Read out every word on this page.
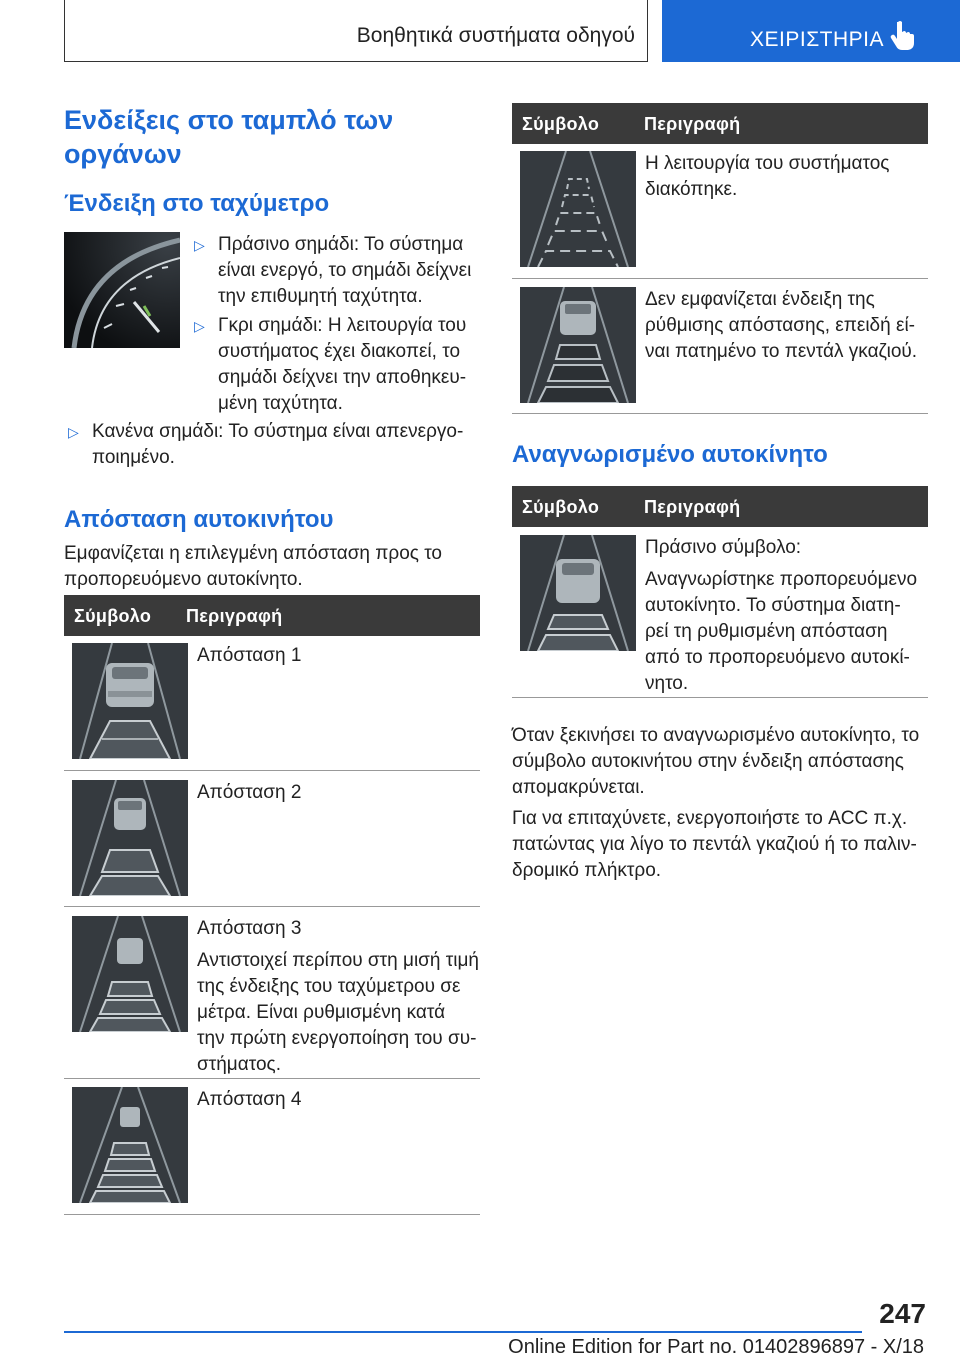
Βοηθητικά συστήματα οδηγού	ΧΕΙΡΙΣΤΗΡΙΑ
Ενδείξεις στο ταμπλό των
οργάνων
Ένδειξη στο ταχύμετρο
▷ Πράσινο σημάδι: Το σύστημα
είναι ενεργό, το σημάδι δείχνει
την επιθυμητή ταχύτητα.
▷ Γκρι σημάδι: Η λειτουργία του
συστήματος έχει διακοπεί, το
σημάδι δείχνει την αποθηκευ‐
μένη ταχύτητα.
▷ Κανένα σημάδι: Το σύστημα είναι απενεργο‐
ποιημένο.
Απόσταση αυτοκινήτου
Εμφανίζεται η επιλεγμένη απόσταση προς το
προπορευόμενο αυτοκίνητο.
Σύμβολο Περιγραφή
Απόσταση 1
Απόσταση 2
Απόσταση 3
Αντιστοιχεί περίπου στη μισή τιμή
της ένδειξης του ταχύμετρου σε
μέτρα. Είναι ρυθμισμένη κατά
την πρώτη ενεργοποίηση του συ‐
στήματος.
Απόσταση 4
Σύμβολο Περιγραφή
Η λειτουργία του συστήματος
διακόπηκε.
Δεν εμφανίζεται ένδειξη της
ρύθμισης απόστασης, επειδή εί‐
ναι πατημένο το πεντάλ γκαζιού.
Αναγνωρισμένο αυτοκίνητο
Σύμβολο Περιγραφή
Πράσινο σύμβολο:
Αναγνωρίστηκε προπορευόμενο
αυτοκίνητο. Το σύστημα διατη‐
ρεί τη ρυθμισμένη απόσταση
από το προπορευόμενο αυτοκί‐
νητο.
Όταν ξεκινήσει το αναγνωρισμένο αυτοκίνητο, το
σύμβολο αυτοκινήτου στην ένδειξη απόστασης
απομακρύνεται.
Για να επιταχύνετε, ενεργοποιήστε το ACC π.χ.
πατώντας για λίγο το πεντάλ γκαζιού ή το παλιν‐
δρομικό πλήκτρο.
247
Online Edition for Part no. 01402896897 - X/18
